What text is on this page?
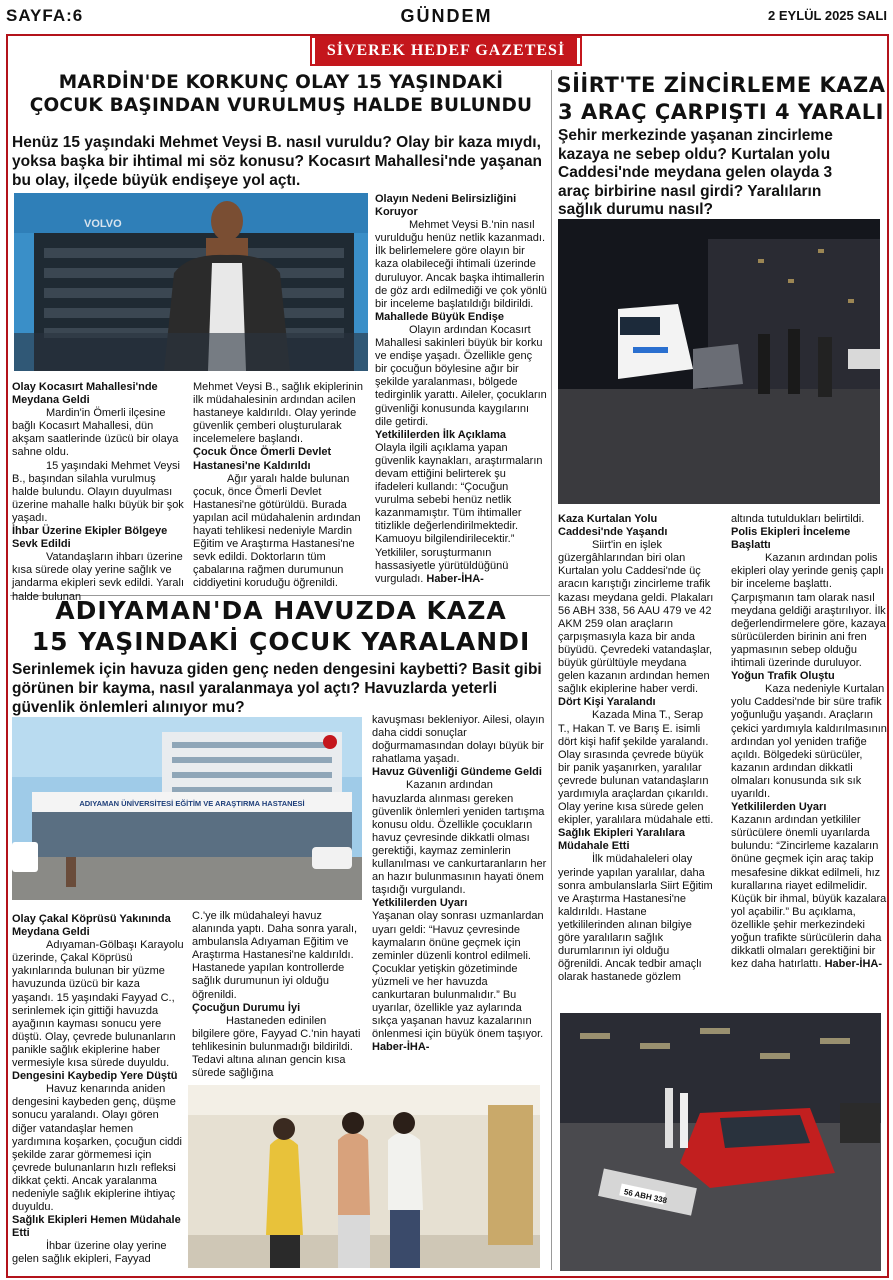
SAYFA:6	GÜNDEM	2 EYLÜL 2025 SALI
SİVEREK HEDEF GAZETESİ
MARDİN'DE KORKUNÇ OLAY 15 YAŞINDAKİ
ÇOCUK BAŞINDAN VURULMUŞ HALDE BULUNDU
Henüz 15 yaşındaki Mehmet Veysi B. nasıl vuruldu? Olay bir kaza mıydı, yoksa başka bir ihtimal mi söz konusu? Kocasırt Mahallesi'nde yaşanan bu olay, ilçede büyük endişeye yol açtı.
VOLVO
Olay Kocasırt Mahallesi'nde Meydana Geldi

Mardin'in Ömerli ilçesine bağlı Kocasırt Mahallesi, dün akşam saatlerinde üzücü bir olaya sahne oldu.

15 yaşındaki Mehmet Veysi B., başından silahla vurulmuş halde bulundu. Olayın duyulması üzerine mahalle halkı büyük bir şok yaşadı.

İhbar Üzerine Ekipler Bölgeye Sevk Edildi

Vatandaşların ihbarı üzerine kısa sürede olay yerine sağlık ve jandarma ekipleri sevk edildi. Yaralı halde bulunan

Mehmet Veysi B., sağlık ekiplerinin ilk müdahalesinin ardından acilen hastaneye kaldırıldı. Olay yerinde güvenlik çemberi oluşturularak incelemelere başlandı.
Çocuk Önce Ömerli Devlet Hastanesi'ne Kaldırıldı

Ağır yaralı halde bulunan çocuk, önce Ömerli Devlet Hastanesi'ne götürüldü. Burada yapılan acil müdahalenin ardından hayati tehlikesi nedeniyle Mardin Eğitim ve Araştırma Hastanesi'ne sevk edildi. Doktorların tüm çabalarına rağmen durumunun ciddiyetini koruduğu öğrenildi.

Olayın Nedeni Belirsizliğini Koruyor

Mehmet Veysi B.'nin nasıl vurulduğu henüz netlik kazanmadı. İlk belirlemelere göre olayın bir kaza olabileceği ihtimali üzerinde duruluyor. Ancak başka ihtimallerin de göz ardı edilmediği ve çok yönlü bir inceleme başlatıldığı bildirildi.

Mahallede Büyük Endişe

Olayın ardından Kocasırt Mahallesi sakinleri büyük bir korku ve endişe yaşadı. Özellikle genç bir çocuğun böylesine ağır bir şekilde yaralanması, bölgede tedirginlik yarattı. Aileler, çocukların güvenliği konusunda kaygılarını dile getirdi.

Yetkililerden İlk Açıklama

Olayla ilgili açıklama yapan güvenlik kaynakları, araştırmaların devam ettiğini belirterek şu ifadeleri kullandı: “Çocuğun vurulma sebebi henüz netlik kazanmamıştır. Tüm ihtimaller titizlikle değerlendirilmektedir. Kamuoyu bilgilendirilecektir.” Yetkililer, soruşturmanın hassasiyetle yürütüldüğünü vurguladı. Haber-İHA-
ADIYAMAN'DA HAVUZDA KAZA
15 YAŞINDAKİ ÇOCUK YARALANDI
Serinlemek için havuza giden genç neden dengesini kaybetti? Basit gibi görünen bir kayma, nasıl yaralanmaya yol açtı? Havuzlarda yeterli güvenlik önlemleri alınıyor mu?
ADIYAMAN ÜNİVERSİTESİ EĞİTİM VE ARAŞTIRMA HASTANESİ
Olay Çakal Köprüsü Yakınında Meydana Geldi

Adıyaman-Gölbaşı Karayolu üzerinde, Çakal Köprüsü yakınlarında bulunan bir yüzme havuzunda üzücü bir kaza yaşandı. 15 yaşındaki Fayyad C., serinlemek için gittiği havuzda ayağının kayması sonucu yere düştü. Olay, çevrede bulunanların panikle sağlık ekiplerine haber vermesiyle kısa sürede duyuldu.

Dengesini Kaybedip Yere Düştü

Havuz kenarında aniden dengesini kaybeden genç, düşme sonucu yaralandı. Olayı gören diğer vatandaşlar hemen yardımına koşarken, çocuğun ciddi şekilde zarar görmemesi için çevrede bulunanların hızlı refleksi dikkat çekti. Ancak yaralanma nedeniyle sağlık ekiplerine ihtiyaç duyuldu.

Sağlık Ekipleri Hemen Müdahale Etti

İhbar üzerine olay yerine gelen sağlık ekipleri, Fayyad

C.'ye ilk müdahaleyi havuz alanında yaptı. Daha sonra yaralı, ambulansla Adıyaman Eğitim ve Araştırma Hastanesi'ne kaldırıldı. Hastanede yapılan kontrollerde sağlık durumunun iyi olduğu öğrenildi.
Çocuğun Durumu İyi

Hastaneden edinilen bilgilere göre, Fayyad C.'nin hayati tehlikesinin bulunmadığı bildirildi. Tedavi altına alınan gencin kısa sürede sağlığına

kavuşması bekleniyor. Ailesi, olayın daha ciddi sonuçlar doğurmamasından dolayı büyük bir rahatlama yaşadı.
Havuz Güvenliği Gündeme Geldi

Kazanın ardından havuzlarda alınması gereken güvenlik önlemleri yeniden tartışma konusu oldu. Özellikle çocukların havuz çevresinde dikkatli olması gerektiği, kaymaz zeminlerin kullanılması ve cankurtaranların her an hazır bulunmasının hayati önem taşıdığı vurgulandı.

Yetkililerden Uyarı

Yaşanan olay sonrası uzmanlardan uyarı geldi: “Havuz çevresinde kaymaların önüne geçmek için zeminler düzenli kontrol edilmeli. Çocuklar yetişkin gözetiminde yüzmeli ve her havuzda cankurtaran bulunmalıdır.” Bu uyarılar, özellikle yaz aylarında sıkça yaşanan havuz kazalarının önlenmesi için büyük önem taşıyor.

Haber-İHA-
SİİRT'TE ZİNCİRLEME KAZA
3 ARAÇ ÇARPIŞTI 4 YARALI
Şehir merkezinde yaşanan zincirleme kazaya ne sebep oldu? Kurtalan yolu Caddesi'nde meydana gelen olayda 3 araç birbirine nasıl girdi? Yaralıların sağlık durumu nasıl?
Kaza Kurtalan Yolu Caddesi'nde Yaşandı

Siirt'in en işlek güzergâhlarından biri olan Kurtalan yolu Caddesi'nde üç aracın karıştığı zincirleme trafik kazası meydana geldi. Plakaları 56 ABH 338, 56 AAU 479 ve 42 AKM 259 olan araçların çarpışmasıyla kaza bir anda büyüdü. Çevredeki vatandaşlar, büyük gürültüyle meydana gelen kazanın ardından hemen sağlık ekiplerine haber verdi.

Dört Kişi Yaralandı

Kazada Mina T., Serap T., Hakan T. ve Barış E. isimli dört kişi hafif şekilde yaralandı. Olay sırasında çevrede büyük bir panik yaşanırken, yaralılar çevrede bulunan vatandaşların yardımıyla araçlardan çıkarıldı. Olay yerine kısa sürede gelen ekipler, yaralılara müdahale etti.

Sağlık Ekipleri Yaralılara Müdahale Etti

İlk müdahaleleri olay yerinde yapılan yaralılar, daha sonra ambulanslarla Siirt Eğitim ve Araştırma Hastanesi'ne kaldırıldı. Hastane yetkililerinden alınan bilgiye göre yaralıların sağlık durumlarının iyi olduğu öğrenildi. Ancak tedbir amaçlı olarak hastanede gözlem

altında tutuldukları belirtildi.
Polis Ekipleri İnceleme Başlattı

Kazanın ardından polis ekipleri olay yerinde geniş çaplı bir inceleme başlattı. Çarpışmanın tam olarak nasıl meydana geldiği araştırılıyor. İlk değerlendirmelere göre, kazaya sürücülerden birinin ani fren yapmasının sebep olduğu ihtimali üzerinde duruluyor.

Yoğun Trafik Oluştu

Kaza nedeniyle Kurtalan yolu Caddesi'nde bir süre trafik yoğunluğu yaşandı. Araçların çekici yardımıyla kaldırılmasının ardından yol yeniden trafiğe açıldı. Bölgedeki sürücüler, kazanın ardından dikkatli olmaları konusunda sık sık uyarıldı.

Yetkililerden Uyarı

Kazanın ardından yetkililer sürücülere önemli uyarılarda bulundu: “Zincirleme kazaların önüne geçmek için araç takip mesafesine dikkat edilmeli, hız kurallarına riayet edilmelidir. Küçük bir ihmal, büyük kazalara yol açabilir.” Bu açıklama, özellikle şehir merkezindeki yoğun trafikte sürücülerin daha dikkatli olmaları gerektiğini bir kez daha hatırlattı. Haber-İHA-
56 ABH 338
